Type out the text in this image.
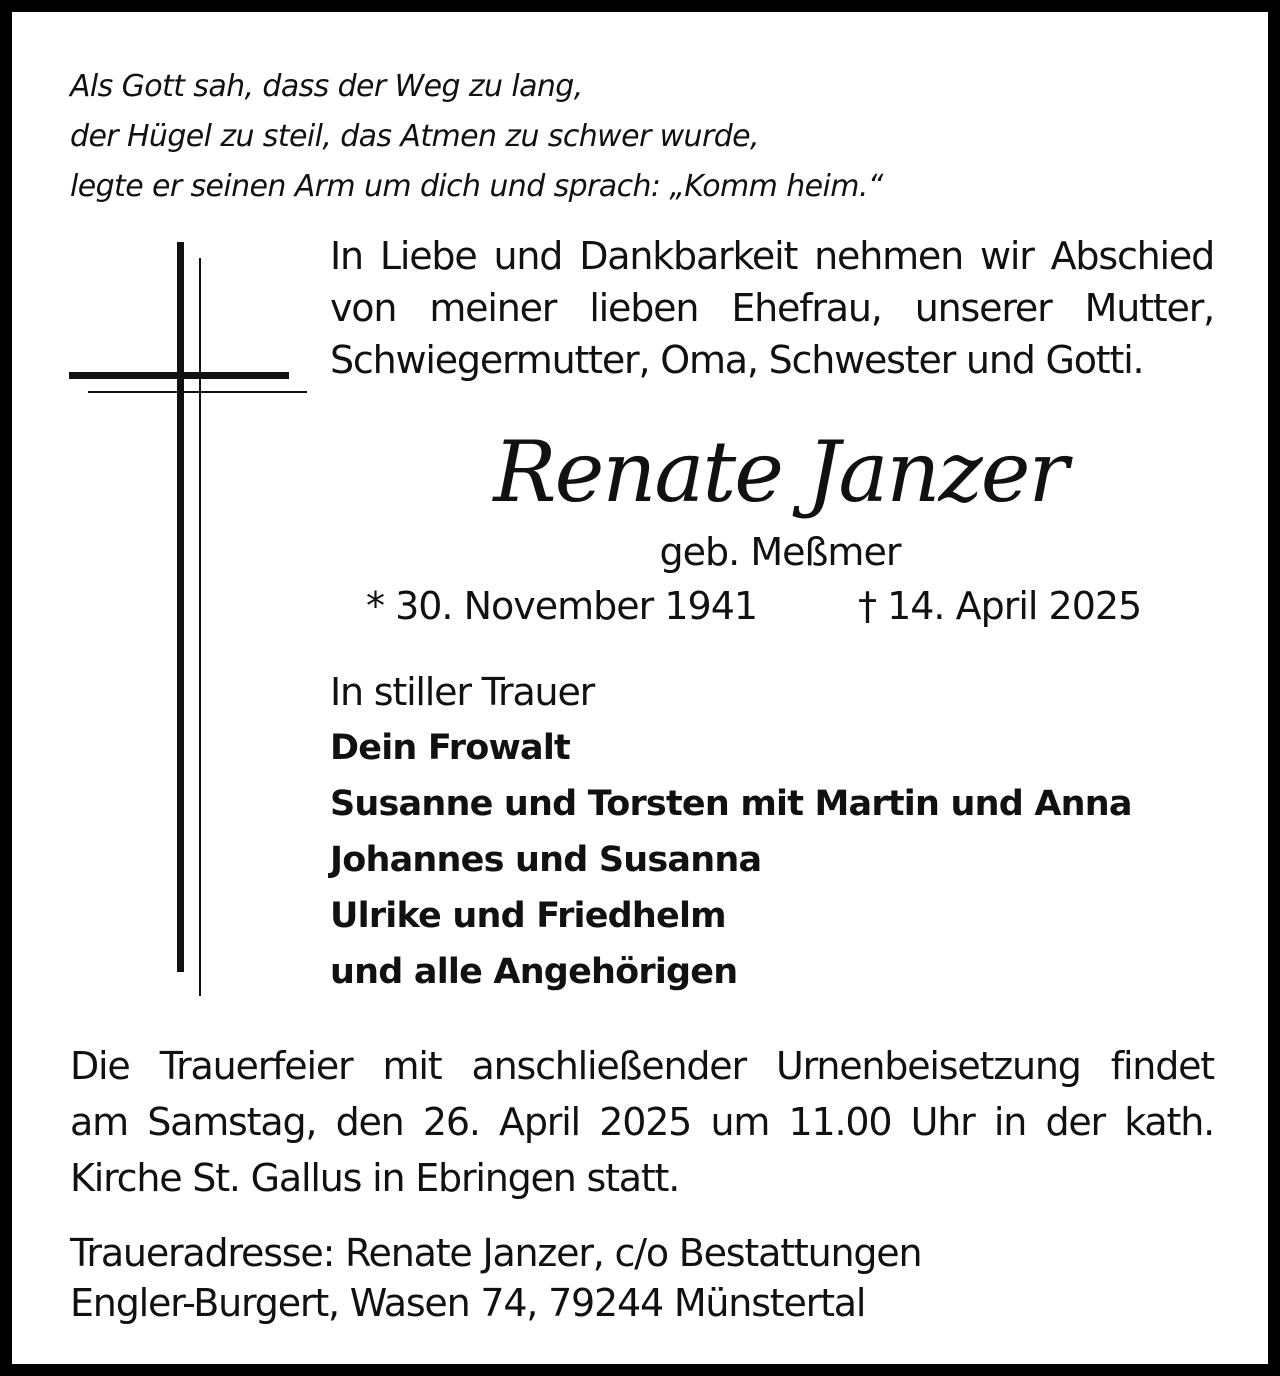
Als Gott sah, dass der Weg zu lang,
der Hügel zu steil, das Atmen zu schwer wurde,
legte er seinen Arm um dich und sprach: „Komm heim.“
In Liebe und Dankbarkeit nehmen wir Abschied
von meiner lieben Ehefrau, unserer Mutter,
Schwiegermutter, Oma, Schwester und Gotti.
Renate Janzer
geb. Meßmer
* 30. November 1941	† 14. April 2025
In stiller Trauer
Dein Frowalt
Susanne und Torsten mit Martin und Anna
Johannes und Susanna
Ulrike und Friedhelm
und alle Angehörigen
Die Trauerfeier mit anschließender Urnenbeisetzung findet
am Samstag, den 26. April 2025 um 11.00 Uhr in der kath.
Kirche St. Gallus in Ebringen statt.
Traueradresse: Renate Janzer, c/o Bestattungen
Engler-Burgert, Wasen 74, 79244 Münstertal
